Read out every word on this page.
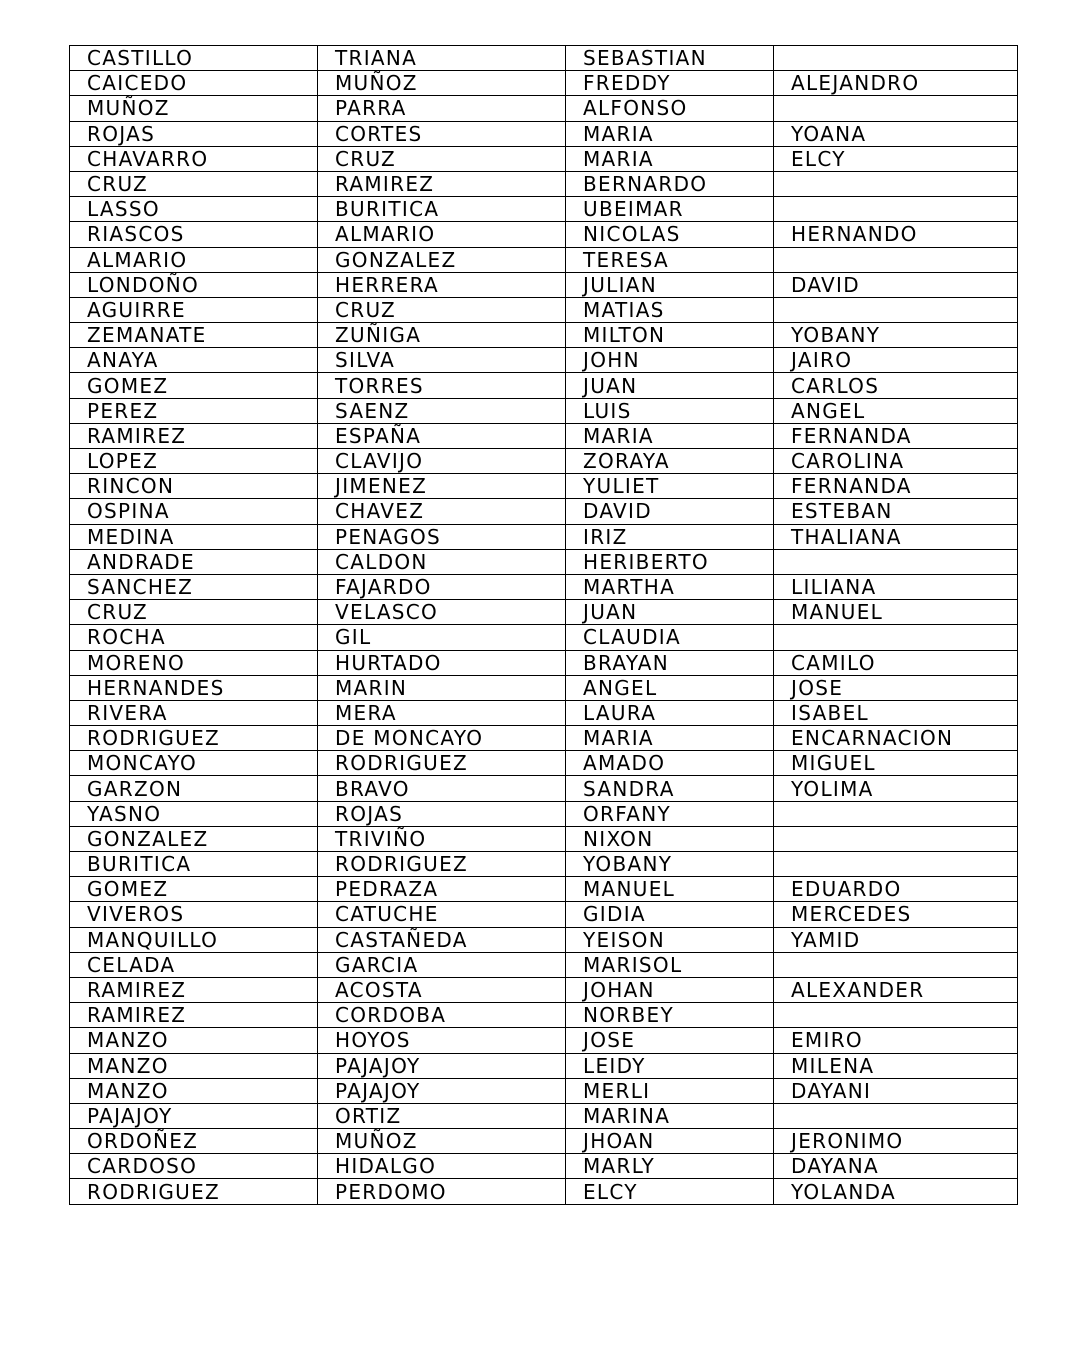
CASTILLO	TRIANA	SEBASTIAN	
CAICEDO	MUÑOZ	FREDDY	ALEJANDRO
MUÑOZ	PARRA	ALFONSO	
ROJAS	CORTES	MARIA	YOANA
CHAVARRO	CRUZ	MARIA	ELCY
CRUZ	RAMIREZ	BERNARDO	
LASSO	BURITICA	UBEIMAR	
RIASCOS	ALMARIO	NICOLAS	HERNANDO
ALMARIO	GONZALEZ	TERESA	
LONDOÑO	HERRERA	JULIAN	DAVID
AGUIRRE	CRUZ	MATIAS	
ZEMANATE	ZUÑIGA	MILTON	YOBANY
ANAYA	SILVA	JOHN	JAIRO
GOMEZ	TORRES	JUAN	CARLOS
PEREZ	SAENZ	LUIS	ANGEL
RAMIREZ	ESPAÑA	MARIA	FERNANDA
LOPEZ	CLAVIJO	ZORAYA	CAROLINA
RINCON	JIMENEZ	YULIET	FERNANDA
OSPINA	CHAVEZ	DAVID	ESTEBAN
MEDINA	PENAGOS	IRIZ	THALIANA
ANDRADE	CALDON	HERIBERTO	
SANCHEZ	FAJARDO	MARTHA	LILIANA
CRUZ	VELASCO	JUAN	MANUEL
ROCHA	GIL	CLAUDIA	
MORENO	HURTADO	BRAYAN	CAMILO
HERNANDES	MARIN	ANGEL	JOSE
RIVERA	MERA	LAURA	ISABEL
RODRIGUEZ	DE MONCAYO	MARIA	ENCARNACION
MONCAYO	RODRIGUEZ	AMADO	MIGUEL
GARZON	BRAVO	SANDRA	YOLIMA
YASNO	ROJAS	ORFANY	
GONZALEZ	TRIVIÑO	NIXON	
BURITICA	RODRIGUEZ	YOBANY	
GOMEZ	PEDRAZA	MANUEL	EDUARDO
VIVEROS	CATUCHE	GIDIA	MERCEDES
MANQUILLO	CASTAÑEDA	YEISON	YAMID
CELADA	GARCIA	MARISOL	
RAMIREZ	ACOSTA	JOHAN	ALEXANDER
RAMIREZ	CORDOBA	NORBEY	
MANZO	HOYOS	JOSE	EMIRO
MANZO	PAJAJOY	LEIDY	MILENA
MANZO	PAJAJOY	MERLI	DAYANI
PAJAJOY	ORTIZ	MARINA	
ORDOÑEZ	MUÑOZ	JHOAN	JERONIMO
CARDOSO	HIDALGO	MARLY	DAYANA
RODRIGUEZ	PERDOMO	ELCY	YOLANDA
